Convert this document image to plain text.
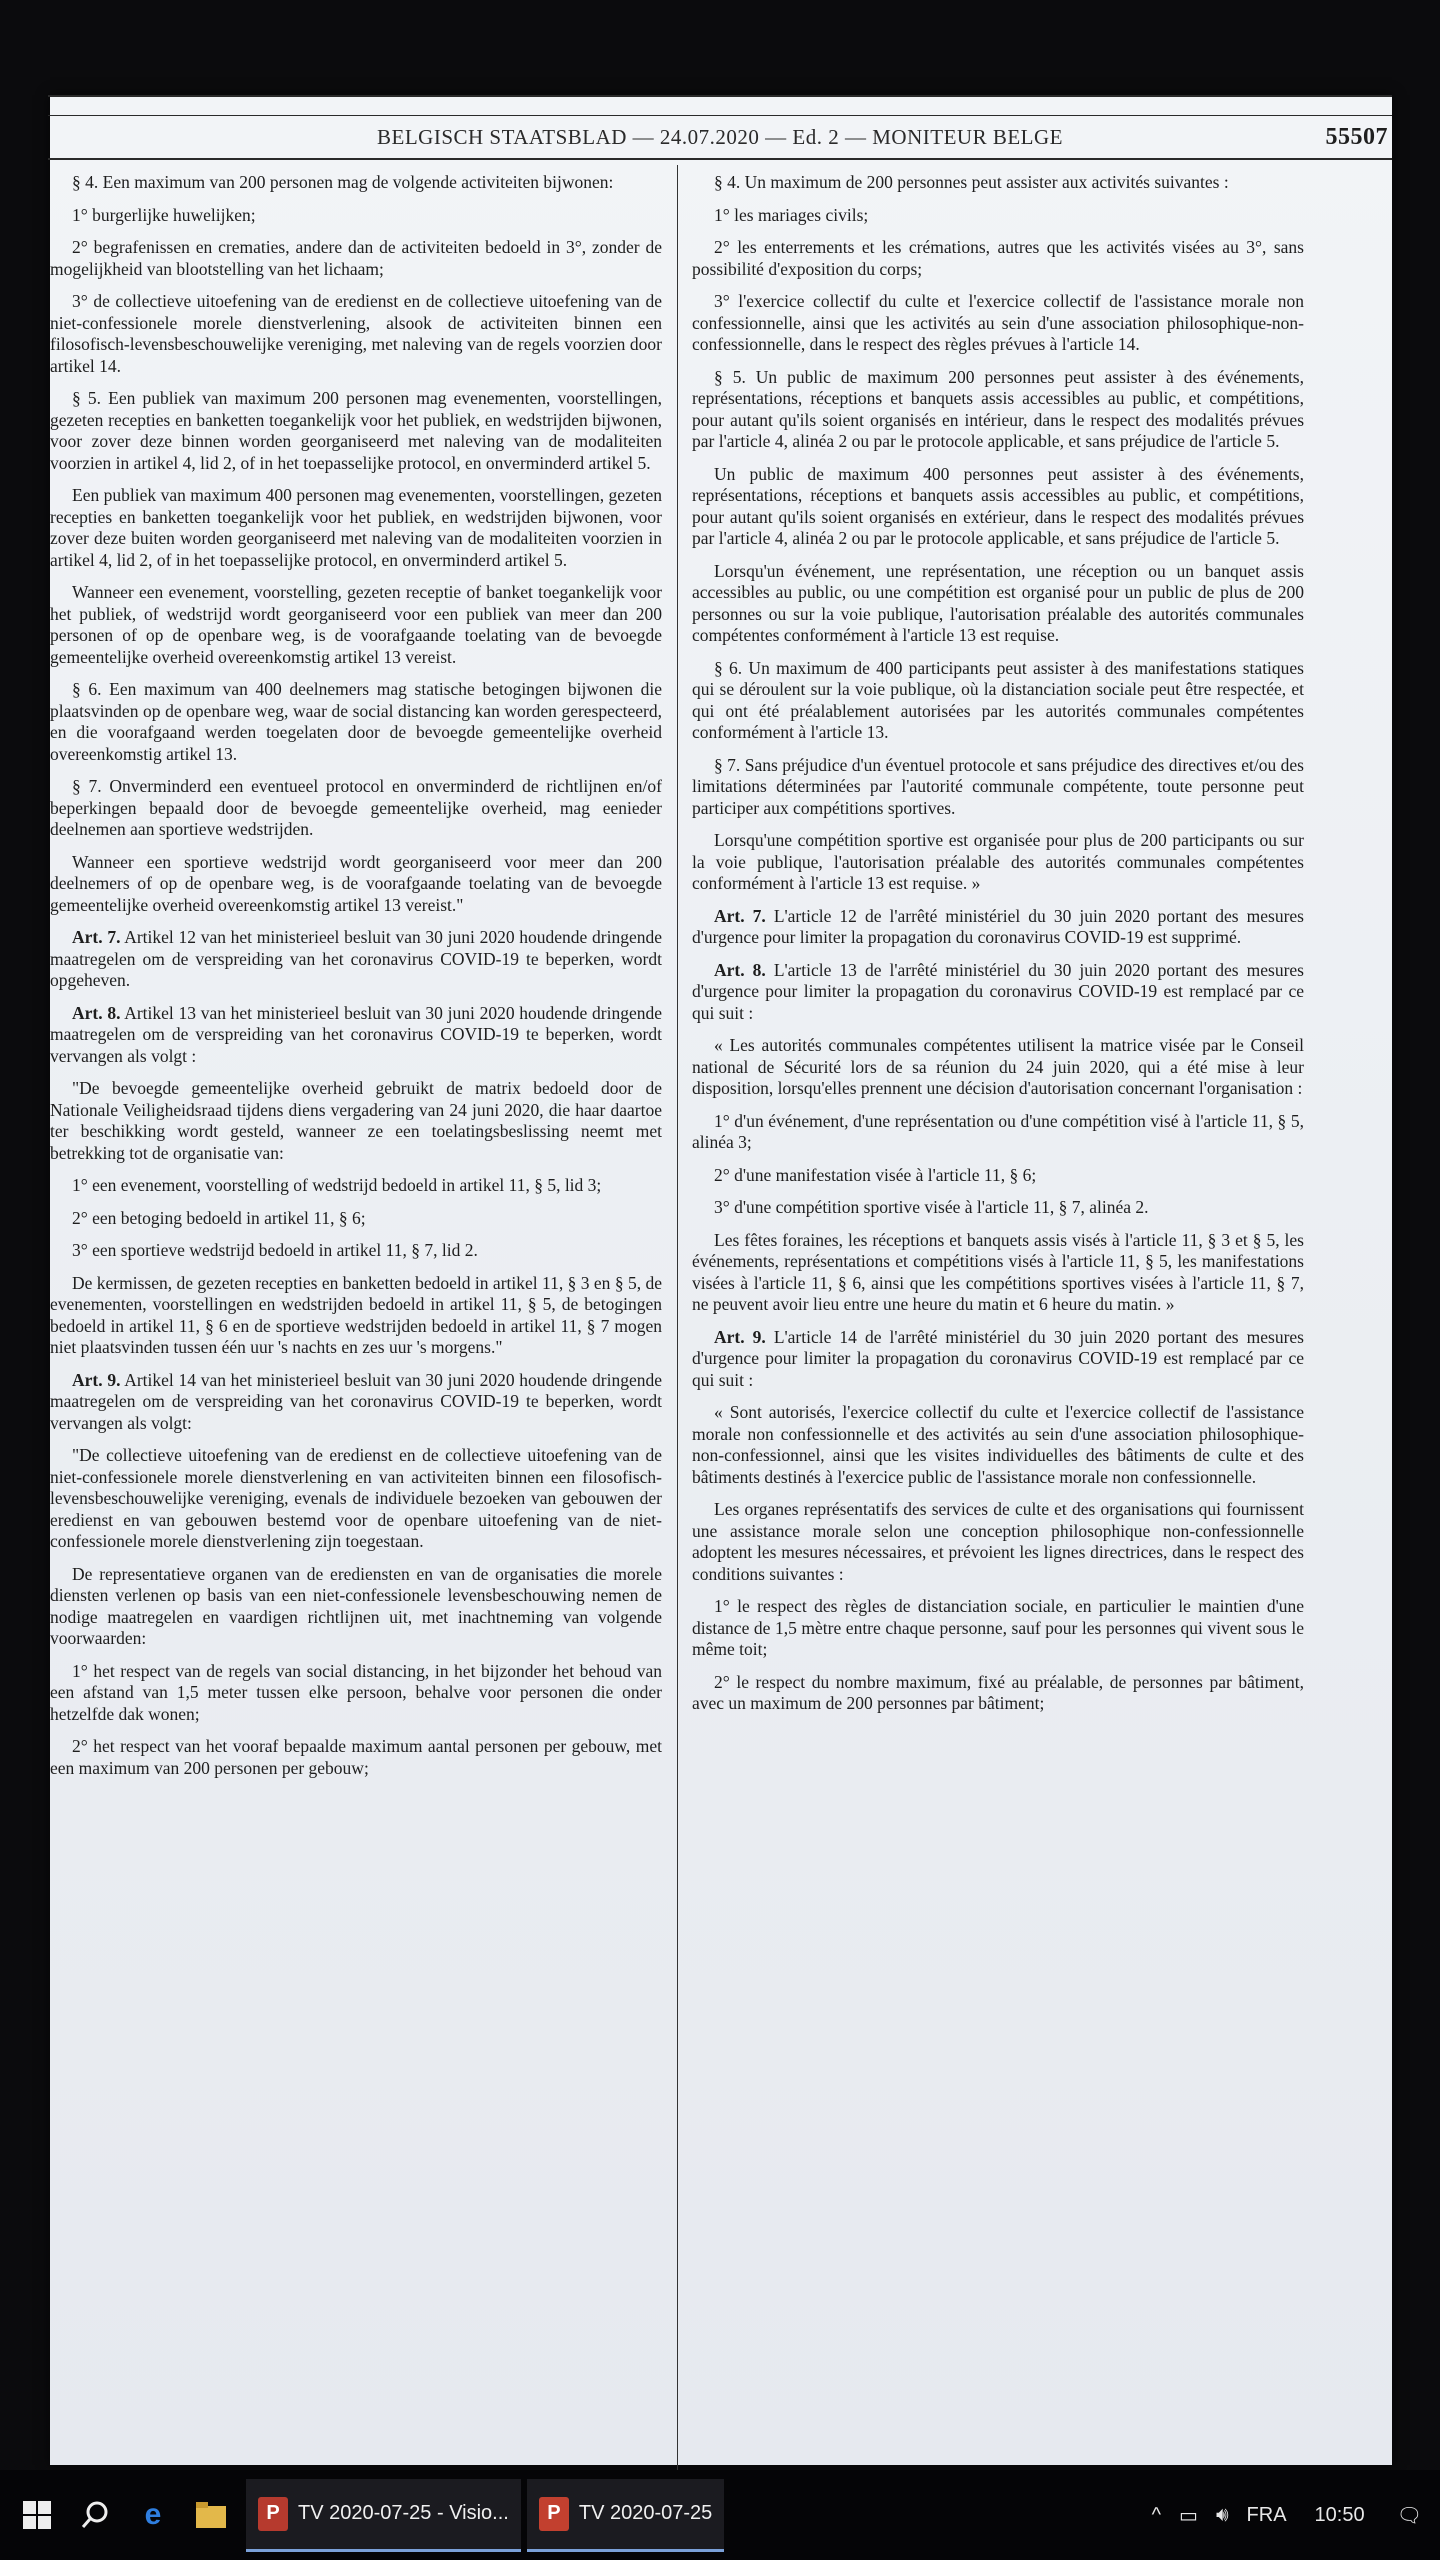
BELGISCH STAATSBLAD — 24.07.2020 — Ed. 2 — MONITEUR BELGE	55507

§ 4. Een maximum van 200 personen mag de volgende activiteiten bijwonen:

1° burgerlijke huwelijken;

2° begrafenissen en crematies, andere dan de activiteiten bedoeld in 3°, zonder de mogelijkheid van blootstelling van het lichaam;

3° de collectieve uitoefening van de eredienst en de collectieve uitoefening van de niet-confessionele morele dienstverlening, alsook de activiteiten binnen een filosofisch-levensbeschouwelijke vereniging, met naleving van de regels voorzien door artikel 14.

§ 5. Een publiek van maximum 200 personen mag evenementen, voorstellingen, gezeten recepties en banketten toegankelijk voor het publiek, en wedstrijden bijwonen, voor zover deze binnen worden georganiseerd met naleving van de modaliteiten voorzien in artikel 4, lid 2, of in het toepasselijke protocol, en onverminderd artikel 5.

Een publiek van maximum 400 personen mag evenementen, voorstellingen, gezeten recepties en banketten toegankelijk voor het publiek, en wedstrijden bijwonen, voor zover deze buiten worden georganiseerd met naleving van de modaliteiten voorzien in artikel 4, lid 2, of in het toepasselijke protocol, en onverminderd artikel 5.

Wanneer een evenement, voorstelling, gezeten receptie of banket toegankelijk voor het publiek, of wedstrijd wordt georganiseerd voor een publiek van meer dan 200 personen of op de openbare weg, is de voorafgaande toelating van de bevoegde gemeentelijke overheid overeenkomstig artikel 13 vereist.

§ 6. Een maximum van 400 deelnemers mag statische betogingen bijwonen die plaatsvinden op de openbare weg, waar de social distancing kan worden gerespecteerd, en die voorafgaand werden toegelaten door de bevoegde gemeentelijke overheid overeenkomstig artikel 13.

§ 7. Onverminderd een eventueel protocol en onverminderd de richtlijnen en/of beperkingen bepaald door de bevoegde gemeentelijke overheid, mag eenieder deelnemen aan sportieve wedstrijden.

Wanneer een sportieve wedstrijd wordt georganiseerd voor meer dan 200 deelnemers of op de openbare weg, is de voorafgaande toelating van de bevoegde gemeentelijke overheid overeenkomstig artikel 13 vereist."

Art. 7. Artikel 12 van het ministerieel besluit van 30 juni 2020 houdende dringende maatregelen om de verspreiding van het coronavirus COVID-19 te beperken, wordt opgeheven.

Art. 8. Artikel 13 van het ministerieel besluit van 30 juni 2020 houdende dringende maatregelen om de verspreiding van het coronavirus COVID-19 te beperken, wordt vervangen als volgt :

"De bevoegde gemeentelijke overheid gebruikt de matrix bedoeld door de Nationale Veiligheidsraad tijdens diens vergadering van 24 juni 2020, die haar daartoe ter beschikking wordt gesteld, wanneer ze een toelatingsbeslissing neemt met betrekking tot de organisatie van:

1° een evenement, voorstelling of wedstrijd bedoeld in artikel 11, § 5, lid 3;

2° een betoging bedoeld in artikel 11, § 6;

3° een sportieve wedstrijd bedoeld in artikel 11, § 7, lid 2.

De kermissen, de gezeten recepties en banketten bedoeld in artikel 11, § 3 en § 5, de evenementen, voorstellingen en wedstrijden bedoeld in artikel 11, § 5, de betogingen bedoeld in artikel 11, § 6 en de sportieve wedstrijden bedoeld in artikel 11, § 7 mogen niet plaatsvinden tussen één uur 's nachts en zes uur 's morgens."

Art. 9. Artikel 14 van het ministerieel besluit van 30 juni 2020 houdende dringende maatregelen om de verspreiding van het coronavirus COVID-19 te beperken, wordt vervangen als volgt:

"De collectieve uitoefening van de eredienst en de collectieve uitoefening van de niet-confessionele morele dienstverlening en van activiteiten binnen een filosofisch-levensbeschouwelijke vereniging, evenals de individuele bezoeken van gebouwen der eredienst en van gebouwen bestemd voor de openbare uitoefening van de niet-confessionele morele dienstverlening zijn toegestaan.

De representatieve organen van de erediensten en van de organisaties die morele diensten verlenen op basis van een niet-confessionele levensbeschouwing nemen de nodige maatregelen en vaardigen richtlijnen uit, met inachtneming van volgende voorwaarden:

1° het respect van de regels van social distancing, in het bijzonder het behoud van een afstand van 1,5 meter tussen elke persoon, behalve voor personen die onder hetzelfde dak wonen;

2° het respect van het vooraf bepaalde maximum aantal personen per gebouw, met een maximum van 200 personen per gebouw;

§ 4. Un maximum de 200 personnes peut assister aux activités suivantes :

1° les mariages civils;

2° les enterrements et les crémations, autres que les activités visées au 3°, sans possibilité d'exposition du corps;

3° l'exercice collectif du culte et l'exercice collectif de l'assistance morale non confessionnelle, ainsi que les activités au sein d'une association philosophique-non-confessionnelle, dans le respect des règles prévues à l'article 14.

§ 5. Un public de maximum 200 personnes peut assister à des événements, représentations, réceptions et banquets assis accessibles au public, et compétitions, pour autant qu'ils soient organisés en intérieur, dans le respect des modalités prévues par l'article 4, alinéa 2 ou par le protocole applicable, et sans préjudice de l'article 5.

Un public de maximum 400 personnes peut assister à des événements, représentations, réceptions et banquets assis accessibles au public, et compétitions, pour autant qu'ils soient organisés en extérieur, dans le respect des modalités prévues par l'article 4, alinéa 2 ou par le protocole applicable, et sans préjudice de l'article 5.

Lorsqu'un événement, une représentation, une réception ou un banquet assis accessibles au public, ou une compétition est organisé pour un public de plus de 200 personnes ou sur la voie publique, l'autorisation préalable des autorités communales compétentes conformément à l'article 13 est requise.

§ 6. Un maximum de 400 participants peut assister à des manifestations statiques qui se déroulent sur la voie publique, où la distanciation sociale peut être respectée, et qui ont été préalablement autorisées par les autorités communales compétentes conformément à l'article 13.

§ 7. Sans préjudice d'un éventuel protocole et sans préjudice des directives et/ou des limitations déterminées par l'autorité communale compétente, toute personne peut participer aux compétitions sportives.

Lorsqu'une compétition sportive est organisée pour plus de 200 participants ou sur la voie publique, l'autorisation préalable des autorités communales compétentes conformément à l'article 13 est requise. »

Art. 7. L'article 12 de l'arrêté ministériel du 30 juin 2020 portant des mesures d'urgence pour limiter la propagation du coronavirus COVID-19 est supprimé.

Art. 8. L'article 13 de l'arrêté ministériel du 30 juin 2020 portant des mesures d'urgence pour limiter la propagation du coronavirus COVID-19 est remplacé par ce qui suit :

« Les autorités communales compétentes utilisent la matrice visée par le Conseil national de Sécurité lors de sa réunion du 24 juin 2020, qui a été mise à leur disposition, lorsqu'elles prennent une décision d'autorisation concernant l'organisation :

1° d'un événement, d'une représentation ou d'une compétition visé à l'article 11, § 5, alinéa 3;

2° d'une manifestation visée à l'article 11, § 6;

3° d'une compétition sportive visée à l'article 11, § 7, alinéa 2.

Les fêtes foraines, les réceptions et banquets assis visés à l'article 11, § 3 et § 5, les événements, représentations et compétitions visés à l'article 11, § 5, les manifestations visées à l'article 11, § 6, ainsi que les compétitions sportives visées à l'article 11, § 7, ne peuvent avoir lieu entre une heure du matin et 6 heure du matin. »

Art. 9. L'article 14 de l'arrêté ministériel du 30 juin 2020 portant des mesures d'urgence pour limiter la propagation du coronavirus COVID-19 est remplacé par ce qui suit :

« Sont autorisés, l'exercice collectif du culte et l'exercice collectif de l'assistance morale non confessionnelle et des activités au sein d'une association philosophique-non-confessionnel, ainsi que les visites individuelles des bâtiments de culte et des bâtiments destinés à l'exercice public de l'assistance morale non confessionnelle.

Les organes représentatifs des services de culte et des organisations qui fournissent une assistance morale selon une conception philosophique non-confessionnelle adoptent les mesures nécessaires, et prévoient les lignes directrices, dans le respect des conditions suivantes :

1° le respect des règles de distanciation sociale, en particulier le maintien d'une distance de 1,5 mètre entre chaque personne, sauf pour les personnes qui vivent sous le même toit;

2° le respect du nombre maximum, fixé au préalable, de personnes par bâtiment, avec un maximum de 200 personnes par bâtiment;

e	P TV 2020-07-25 - Visio...	P TV 2020-07-25	^ ▭ 🔊︎ FRA 10:50 🗨︎
